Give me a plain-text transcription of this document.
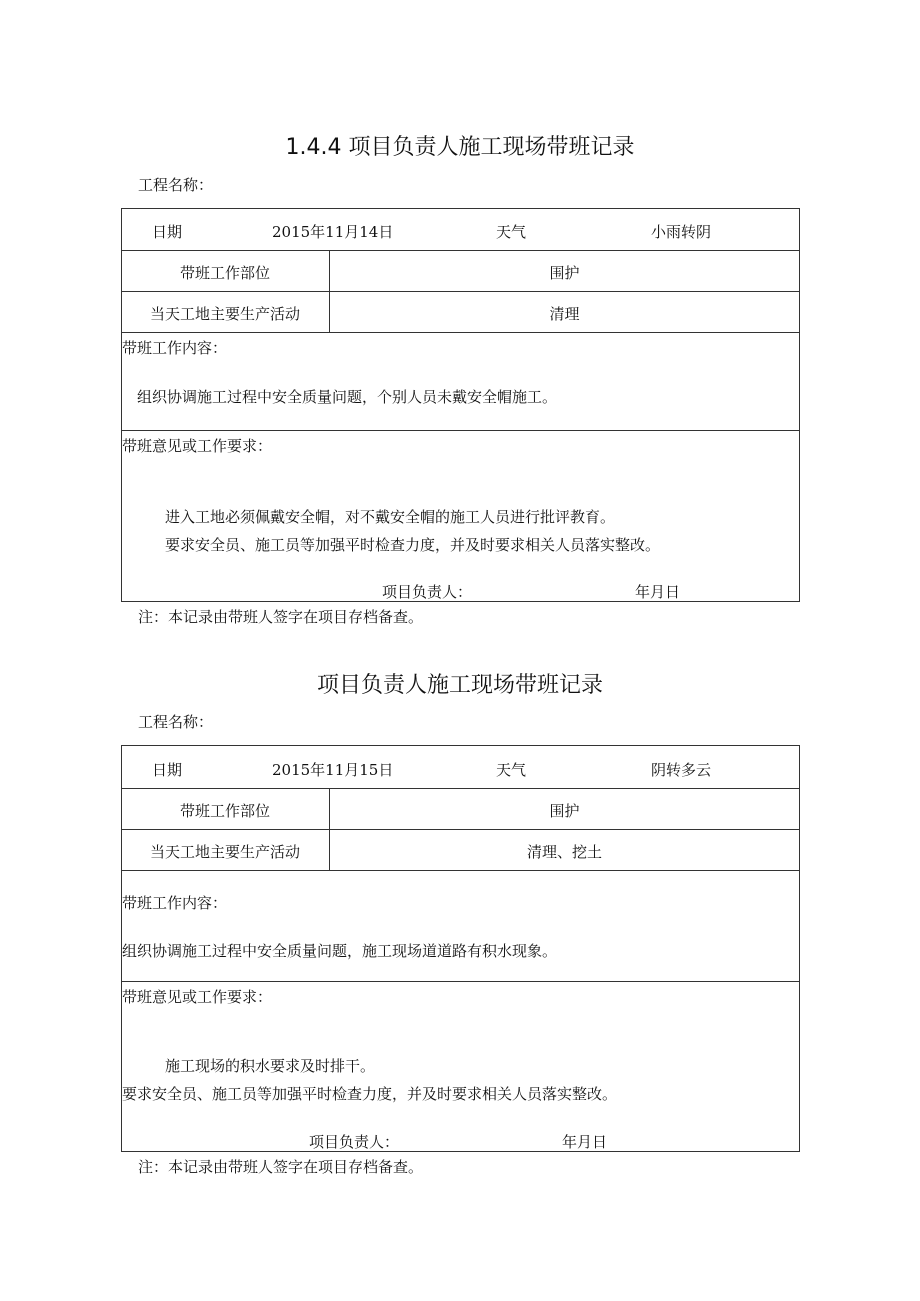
1.4.4 项目负责人施工现场带班记录
工程名称：
日期	2015年11月14日	天气	小雨转阴
带班工作部位	围护
当天工地主要生产活动	清理
带班工作内容：
组织协调施工过程中安全质量问题，个别人员未戴安全帽施工。
带班意见或工作要求：
进入工地必须佩戴安全帽，对不戴安全帽的施工人员进行批评教育。
要求安全员、施工员等加强平时检查力度，并及时要求相关人员落实整改。
项目负责人：	年月日
注：本记录由带班人签字在项目存档备查。
项目负责人施工现场带班记录
工程名称：
日期	2015年11月15日	天气	阴转多云
带班工作部位	围护
当天工地主要生产活动	清理、挖土
带班工作内容：
组织协调施工过程中安全质量问题，施工现场道道路有积水现象。
带班意见或工作要求：
施工现场的积水要求及时排干。
要求安全员、施工员等加强平时检查力度，并及时要求相关人员落实整改。
项目负责人：	年月日
注：本记录由带班人签字在项目存档备查。
